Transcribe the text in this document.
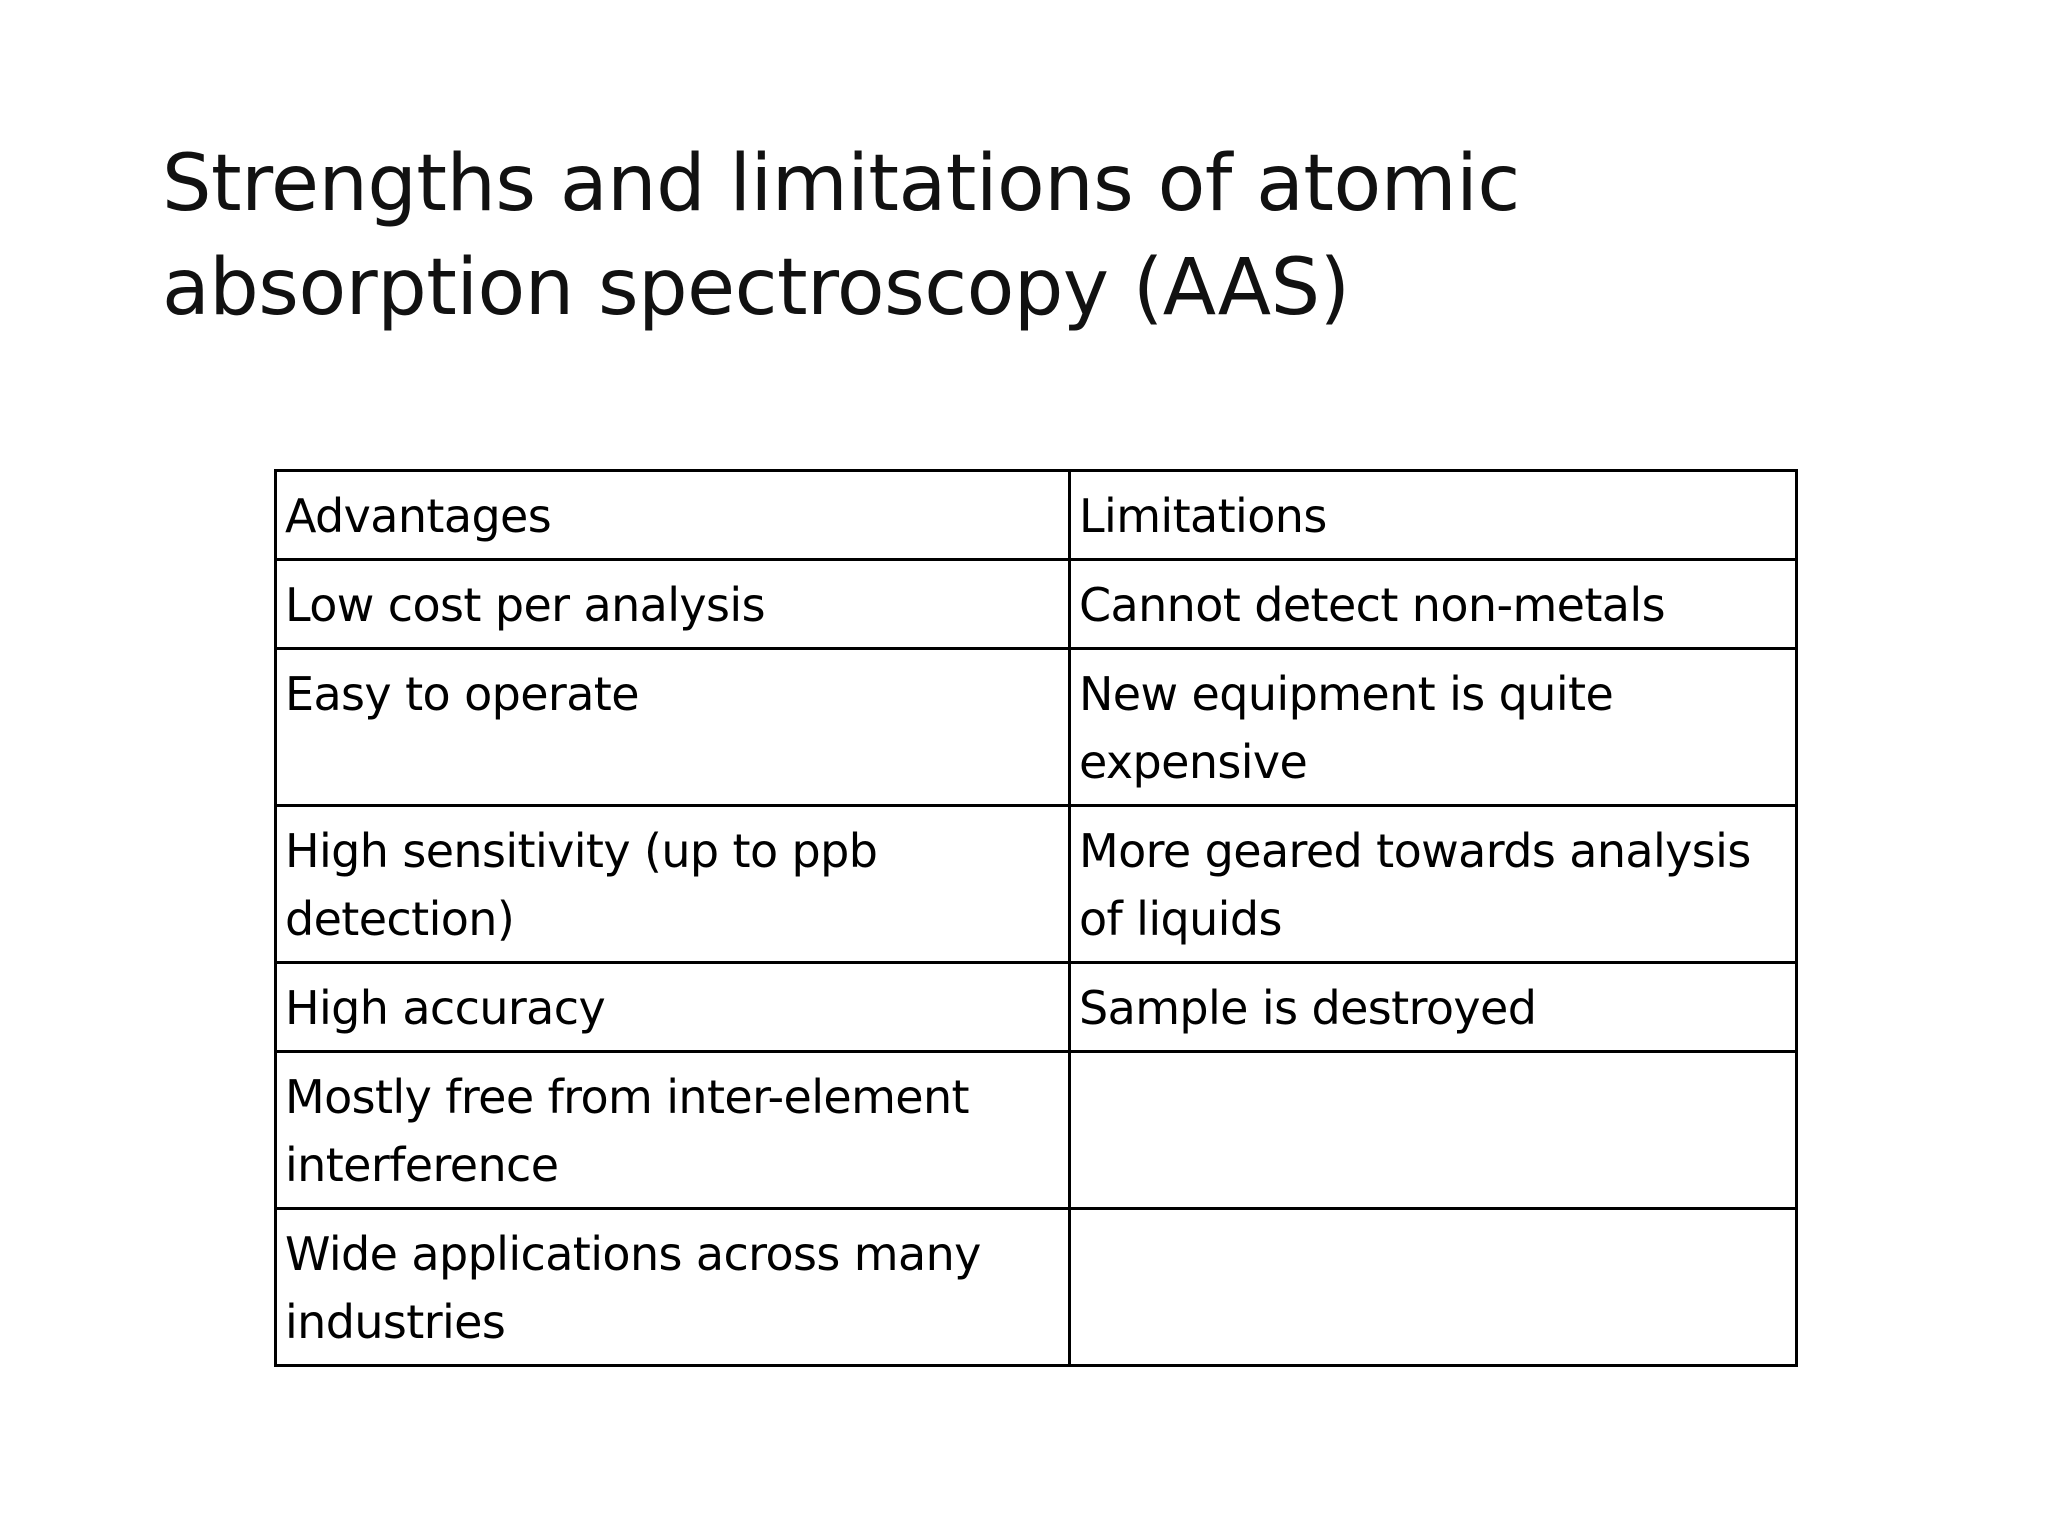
Strengths and limitations of atomic
absorption spectroscopy (AAS)
Advantages	Limitations
Low cost per analysis	Cannot detect non-metals
Easy to operate	New equipment is quite expensive
High sensitivity (up to ppb detection)	More geared towards analysis of liquids
High accuracy	Sample is destroyed
Mostly free from inter-element interference	
Wide applications across many industries	
